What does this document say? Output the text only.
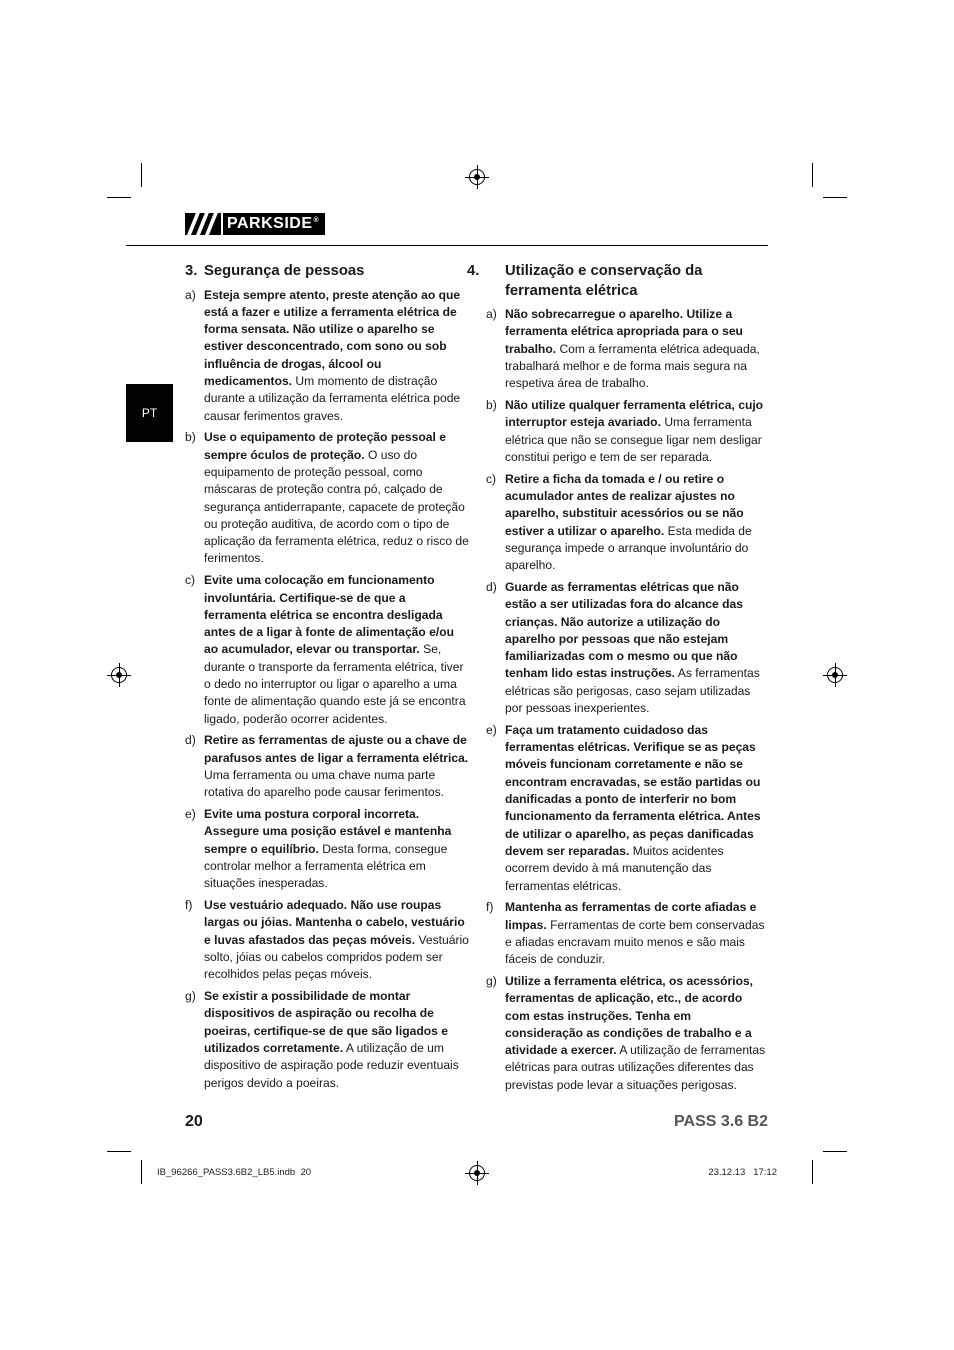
PARKSIDE®
PT
3. Segurança de pessoas
a) Esteja sempre atento, preste atenção ao que está a fazer e utilize a ferramenta elétrica de forma sensata. Não utilize o aparelho se estiver desconcentrado, com sono ou sob influência de drogas, álcool ou medicamentos. Um momento de distração durante a utilização da ferramenta elétrica pode causar ferimentos graves.
b) Use o equipamento de proteção pessoal e sempre óculos de proteção. O uso do equipamento de proteção pessoal, como máscaras de proteção contra pó, calçado de segurança antiderrapante, capacete de proteção ou proteção auditiva, de acordo com o tipo de aplicação da ferramenta elétrica, reduz o risco de ferimentos.
c) Evite uma colocação em funcionamento involuntária. Certifique-se de que a ferramenta elétrica se encontra desligada antes de a ligar à fonte de alimentação e/ou ao acumulador, elevar ou transportar. Se, durante o transporte da ferramenta elétrica, tiver o dedo no interruptor ou ligar o aparelho a uma fonte de alimentação quando este já se encontra ligado, poderão ocorrer acidentes.
d) Retire as ferramentas de ajuste ou a chave de parafusos antes de ligar a ferramenta elétrica. Uma ferramenta ou uma chave numa parte rotativa do aparelho pode causar ferimentos.
e) Evite uma postura corporal incorreta. Assegure uma posição estável e mantenha sempre o equilíbrio. Desta forma, consegue controlar melhor a ferramenta elétrica em situações inesperadas.
f) Use vestuário adequado. Não use roupas largas ou jóias. Mantenha o cabelo, vestuário e luvas afastados das peças móveis. Vestuário solto, jóias ou cabelos compridos podem ser recolhidos pelas peças móveis.
g) Se existir a possibilidade de montar dispositivos de aspiração ou recolha de poeiras, certifique-se de que são ligados e utilizados corretamente. A utilização de um dispositivo de aspiração pode reduzir eventuais perigos devido a poeiras.
4. Utilização e conservação da ferramenta elétrica
a) Não sobrecarregue o aparelho. Utilize a ferramenta elétrica apropriada para o seu trabalho. Com a ferramenta elétrica adequada, trabalhará melhor e de forma mais segura na respetiva área de trabalho.
b) Não utilize qualquer ferramenta elétrica, cujo interruptor esteja avariado. Uma ferramenta elétrica que não se consegue ligar nem desligar constitui perigo e tem de ser reparada.
c) Retire a ficha da tomada e / ou retire o acumulador antes de realizar ajustes no aparelho, substituir acessórios ou se não estiver a utilizar o aparelho. Esta medida de segurança impede o arranque involuntário do aparelho.
d) Guarde as ferramentas elétricas que não estão a ser utilizadas fora do alcance das crianças. Não autorize a utilização do aparelho por pessoas que não estejam familiarizadas com o mesmo ou que não tenham lido estas instruções. As ferramentas elétricas são perigosas, caso sejam utilizadas por pessoas inexperientes.
e) Faça um tratamento cuidadoso das ferramentas elétricas. Verifique se as peças móveis funcionam corretamente e não se encontram encravadas, se estão partidas ou danificadas a ponto de interferir no bom funcionamento da ferramenta elétrica. Antes de utilizar o aparelho, as peças danificadas devem ser reparadas. Muitos acidentes ocorrem devido à má manutenção das ferramentas elétricas.
f) Mantenha as ferramentas de corte afiadas e limpas. Ferramentas de corte bem conservadas e afiadas encravam muito menos e são mais fáceis de conduzir.
g) Utilize a ferramenta elétrica, os acessórios, ferramentas de aplicação, etc., de acordo com estas instruções. Tenha em consideração as condições de trabalho e a atividade a exercer. A utilização de ferramentas elétricas para outras utilizações diferentes das previstas pode levar a situações perigosas.
20	PASS 3.6 B2
IB_96266_PASS3.6B2_LB5.indb 20	23.12.13 17:12
